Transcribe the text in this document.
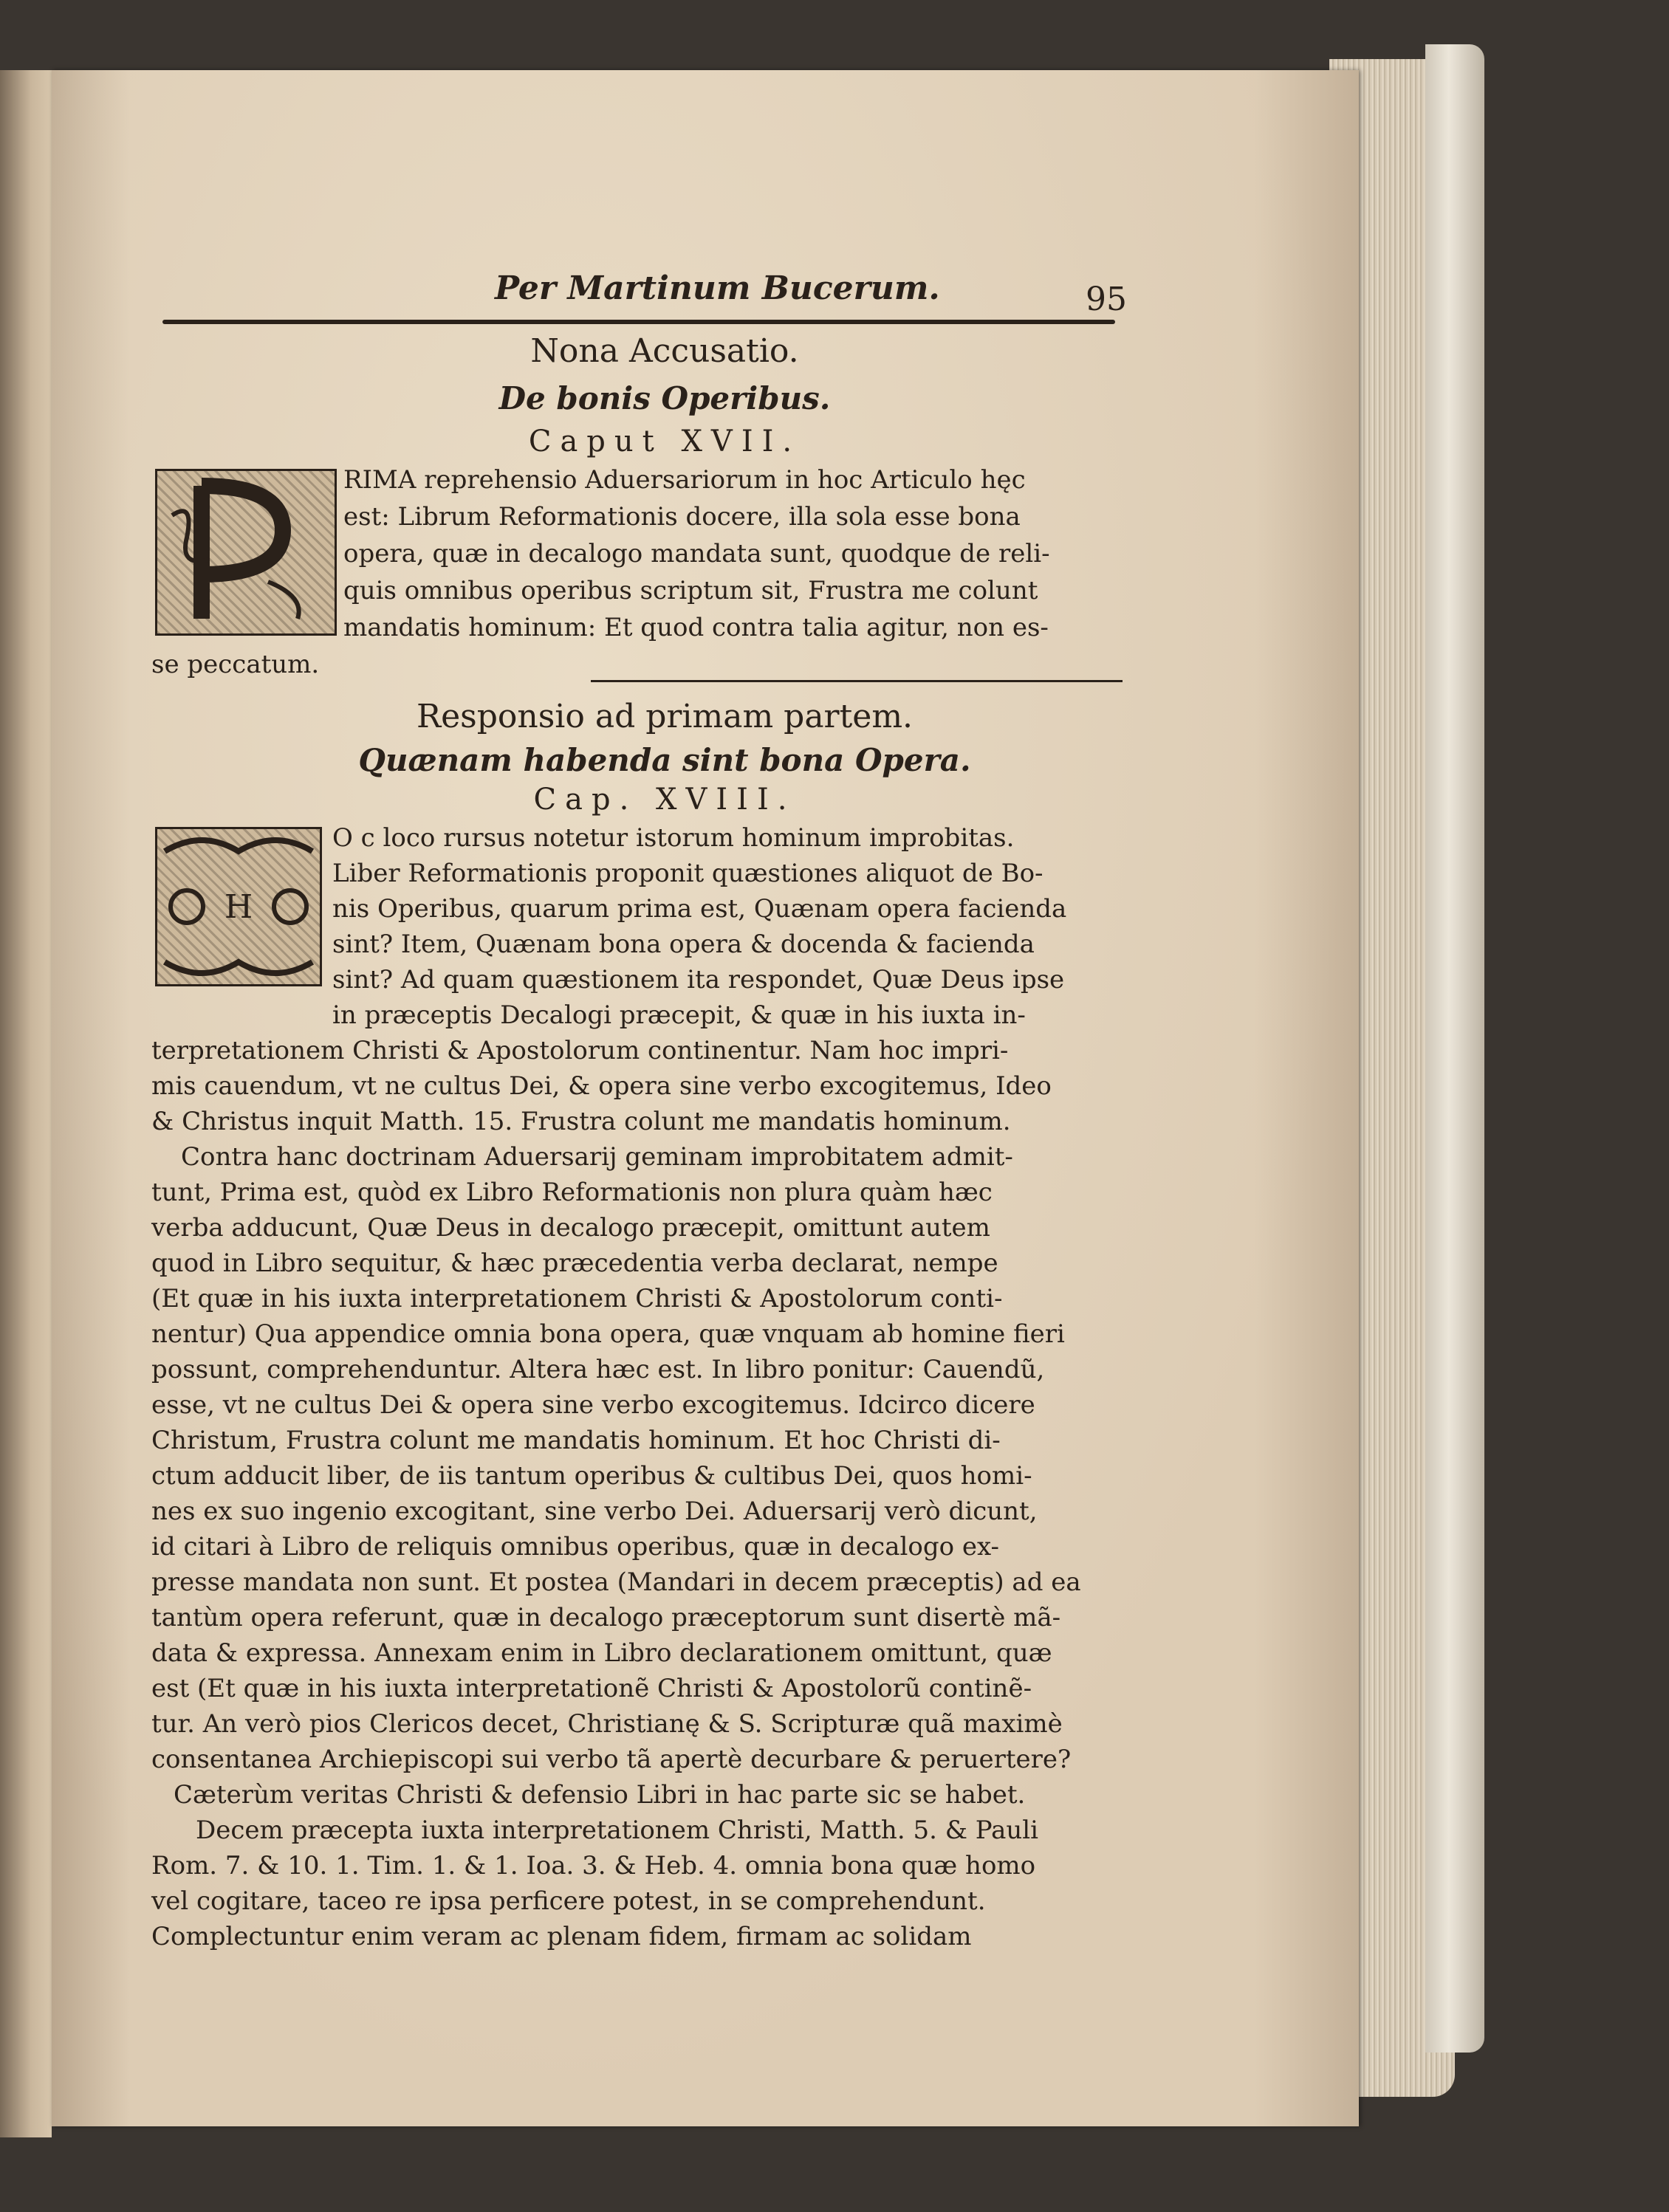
Per Martinum Bucerum.	95
Nona Accusatio.
De bonis Operibus.
Caput XVII.
RIMA reprehensio Aduersariorum in hoc Articulo hęc
est: Librum Reformationis docere, illa sola esse bona
opera, quæ in decalogo mandata sunt, quodque de reli-
quis omnibus operibus scriptum sit, Frustra me colunt
mandatis hominum: Et quod contra talia agitur, non es-
se peccatum.
Responsio ad primam partem.
Quænam habenda sint bona Opera.
Cap. XVIII.
H
O c loco rursus notetur istorum hominum improbitas.
Liber Reformationis proponit quæstiones aliquot de Bo-
nis Operibus, quarum prima est, Quænam opera facienda
sint? Item, Quænam bona opera & docenda & facienda
sint? Ad quam quæstionem ita respondet, Quæ Deus ipse
in præceptis Decalogi præcepit, & quæ in his iuxta in-
terpretationem Christi & Apostolorum continentur. Nam hoc impri-
mis cauendum, vt ne cultus Dei, & opera sine verbo excogitemus, Ideo
& Christus inquit Matth. 15. Frustra colunt me mandatis hominum.
Contra hanc doctrinam Aduersarij geminam improbitatem admit-
tunt, Prima est, quòd ex Libro Reformationis non plura quàm hæc
verba adducunt, Quæ Deus in decalogo præcepit, omittunt autem
quod in Libro sequitur, & hæc præcedentia verba declarat, nempe
(Et quæ in his iuxta interpretationem Christi & Apostolorum conti-
nentur) Qua appendice omnia bona opera, quæ vnquam ab homine fieri
possunt, comprehenduntur. Altera hæc est. In libro ponitur: Cauendũ,
esse, vt ne cultus Dei & opera sine verbo excogitemus. Idcirco dicere
Christum, Frustra colunt me mandatis hominum. Et hoc Christi di-
ctum adducit liber, de iis tantum operibus & cultibus Dei, quos homi-
nes ex suo ingenio excogitant, sine verbo Dei. Aduersarij verò dicunt,
id citari à Libro de reliquis omnibus operibus, quæ in decalogo ex-
presse mandata non sunt. Et postea (Mandari in decem præceptis) ad ea
tantùm opera referunt, quæ in decalogo præceptorum sunt disertè mã-
data & expressa. Annexam enim in Libro declarationem omittunt, quæ
est (Et quæ in his iuxta interpretationẽ Christi & Apostolorũ continẽ-
tur. An verò pios Clericos decet, Christianę & S. Scripturæ quã maximè
consentanea Archiepiscopi sui verbo tã apertè decurbare & peruertere?
Cæterùm veritas Christi & defensio Libri in hac parte sic se habet.
Decem præcepta iuxta interpretationem Christi, Matth. 5. & Pauli
Rom. 7. & 10. 1. Tim. 1. & 1. Ioa. 3. & Heb. 4. omnia bona quæ homo
vel cogitare, taceo re ipsa perficere potest, in se comprehendunt.
Complectuntur enim veram ac plenam fidem, firmam ac solidam
